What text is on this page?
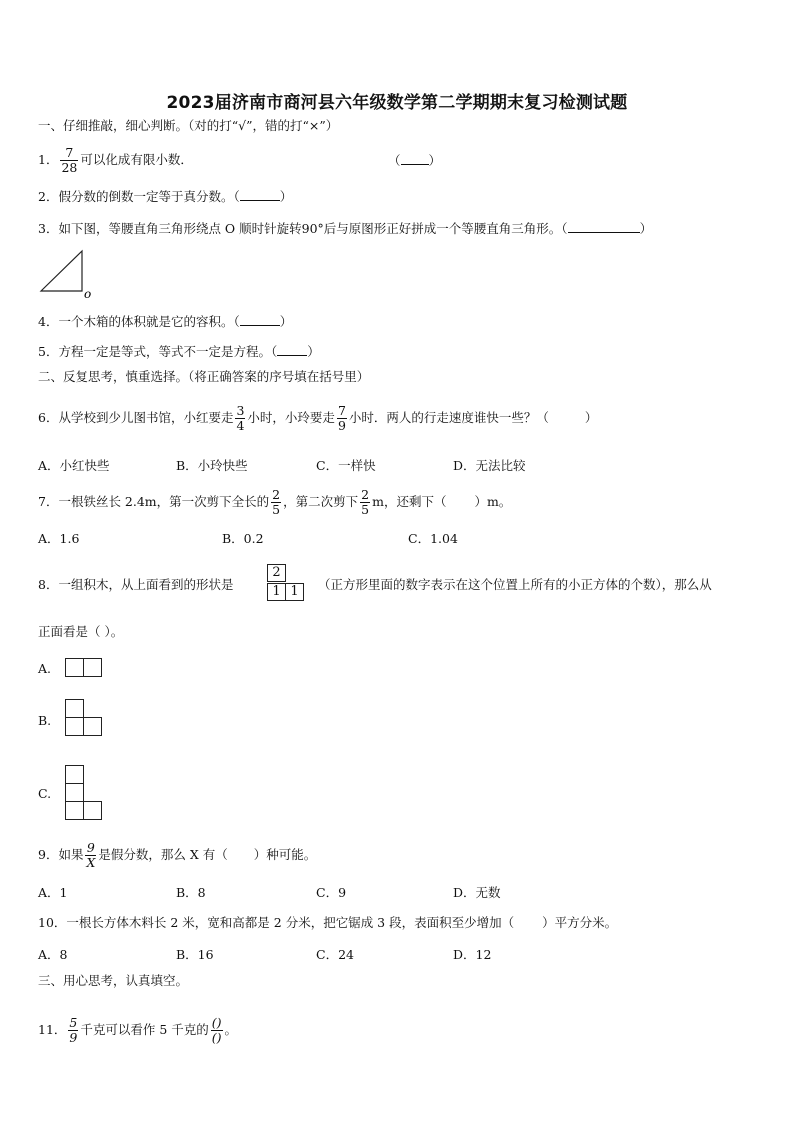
2023届济南市商河县六年级数学第二学期期末复习检测试题
一、仔细推敲，细心判断。（对的打“√”，错的打“×”）
1． $\frac{7}{28}$ 可以化成有限小数．	（ ）
2．假分数的倒数一定等于真分数。（	）
3．如下图，等腰直角三角形绕点 O 顺时针旋转90°后与原图形正好拼成一个等腰直角三角形。（	）
o
4．一个木箱的体积就是它的容积。（	）
5．方程一定是等式，等式不一定是方程。（ ）
二、反复思考，慎重选择。（将正确答案的序号填在括号里）
6．从学校到少儿图书馆，小红要走 $\frac{3}{4}$ 小时，小玲要走 $\frac{7}{9}$ 小时．两人的行走速度谁快一些？（	）
A．小红快些	B．小玲快些	C．一样快	D．无法比较
7．一根铁丝长 2.4m，第一次剪下全长的 $\frac{2}{5}$ ，第二次剪下 $\frac{2}{5}$ m，还剩下（ ）m。
A．1.6	B．0.2	C．1.04
8．一组积木，从上面看到的形状是
2
1 1	（正方形里面的数字表示在这个位置上所有的小正方体的个数），那么从
正面看是（ ）。
A.
B.
C.
9．如果 $\frac{9}{X}$ 是假分数，那么 X 有（ ）种可能。
A．1	B．8	C．9	D．无数
10．一根长方体木料长 2 米，宽和高都是 2 分米，把它锯成 3 段，表面积至少增加（ ）平方分米。
A．8	B．16	C．24	D．12
三、用心思考，认真填空。
11． $\frac{5}{9}$ 千克可以看作 5 千克的 $\frac{()}{()}$ 。
